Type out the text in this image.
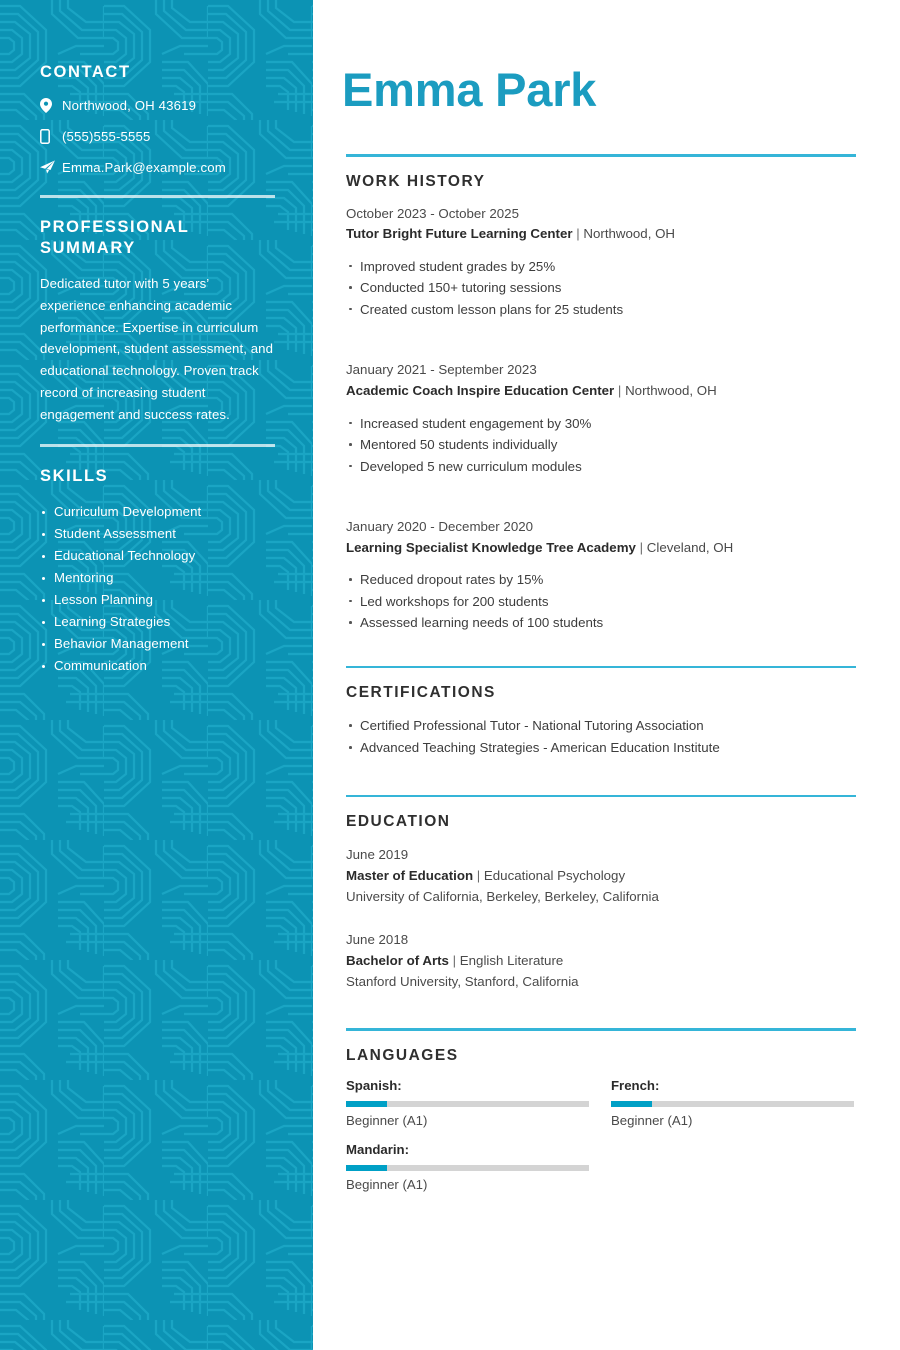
CONTACT
Northwood, OH 43619
(555)555-5555
Emma.Park@example.com
PROFESSIONAL
SUMMARY

Dedicated tutor with 5 years’ experience enhancing academic performance. Expertise in curriculum development, student assessment, and educational technology. Proven track record of increasing student engagement and success rates.

SKILLS
Curriculum Development
Student Assessment
Educational Technology
Mentoring
Lesson Planning
Learning Strategies
Behavior Management
Communication
Emma Park
WORK HISTORY
October 2023 - October 2025
Tutor Bright Future Learning Center | Northwood, OH
Improved student grades by 25%
Conducted 150+ tutoring sessions
Created custom lesson plans for 25 students
January 2021 - September 2023
Academic Coach Inspire Education Center | Northwood, OH
Increased student engagement by 30%
Mentored 50 students individually
Developed 5 new curriculum modules
January 2020 - December 2020
Learning Specialist Knowledge Tree Academy | Cleveland, OH
Reduced dropout rates by 15%
Led workshops for 200 students
Assessed learning needs of 100 students
CERTIFICATIONS
Certified Professional Tutor - National Tutoring Association
Advanced Teaching Strategies - American Education Institute
EDUCATION
June 2019
Master of Education | Educational Psychology
University of California, Berkeley, Berkeley, California
June 2018
Bachelor of Arts | English Literature
Stanford University, Stanford, California
LANGUAGES
Spanish:
Beginner (A1)
French:
Beginner (A1)
Mandarin:
Beginner (A1)
